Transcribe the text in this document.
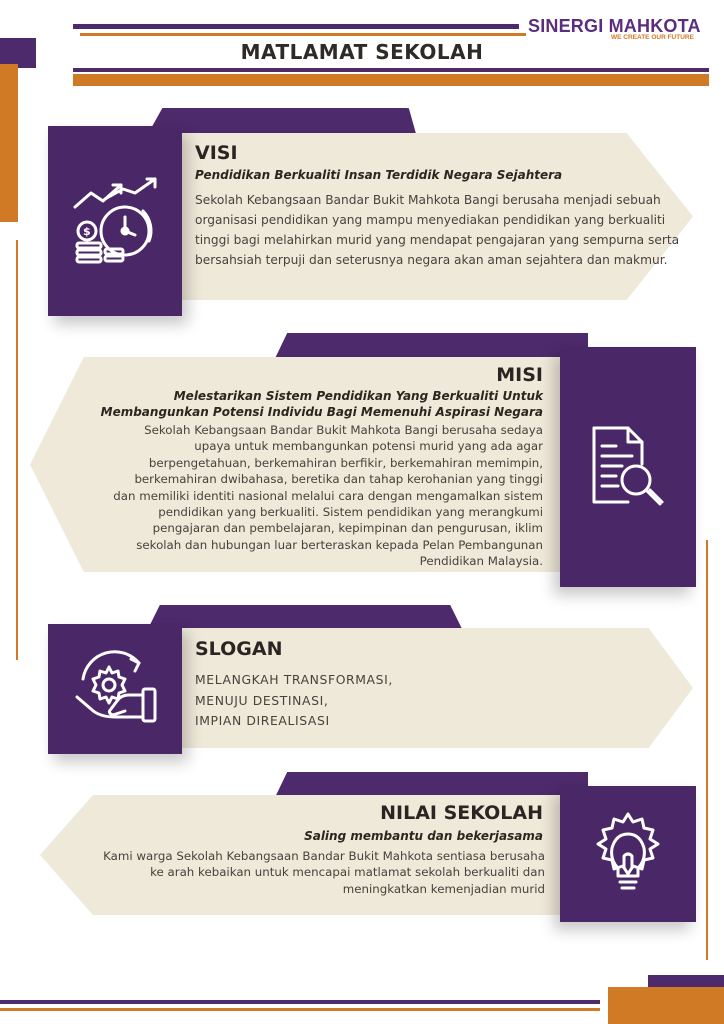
SINERGI MAHKOTA
WE CREATE OUR FUTURE
MATLAMAT SEKOLAH
$
VISI
Pendidikan Berkualiti Insan Terdidik Negara Sejahtera
Sekolah Kebangsaan Bandar Bukit Mahkota Bangi berusaha menjadi sebuah
organisasi pendidikan yang mampu menyediakan pendidikan yang berkualiti
tinggi bagi melahirkan murid yang mendapat pengajaran yang sempurna serta
bersahsiah terpuji dan seterusnya negara akan aman sejahtera dan makmur.
MISI
Melestarikan Sistem Pendidikan Yang Berkualiti Untuk
Membangunkan Potensi Individu Bagi Memenuhi Aspirasi Negara
Sekolah Kebangsaan Bandar Bukit Mahkota Bangi berusaha sedaya
upaya untuk membangunkan potensi murid yang ada agar
berpengetahuan, berkemahiran berfikir, berkemahiran memimpin,
berkemahiran dwibahasa, beretika dan tahap kerohanian yang tinggi
dan memiliki identiti nasional melalui cara dengan mengamalkan sistem
pendidikan yang berkualiti. Sistem pendidikan yang merangkumi
pengajaran dan pembelajaran, kepimpinan dan pengurusan, iklim
sekolah dan hubungan luar berteraskan kepada Pelan Pembangunan
Pendidikan Malaysia.
SLOGAN
MELANGKAH TRANSFORMASI,
MENUJU DESTINASI,
IMPIAN DIREALISASI
NILAI SEKOLAH
Saling membantu dan bekerjasama
Kami warga Sekolah Kebangsaan Bandar Bukit Mahkota sentiasa berusaha
ke arah kebaikan untuk mencapai matlamat sekolah berkualiti dan
meningkatkan kemenjadian murid
